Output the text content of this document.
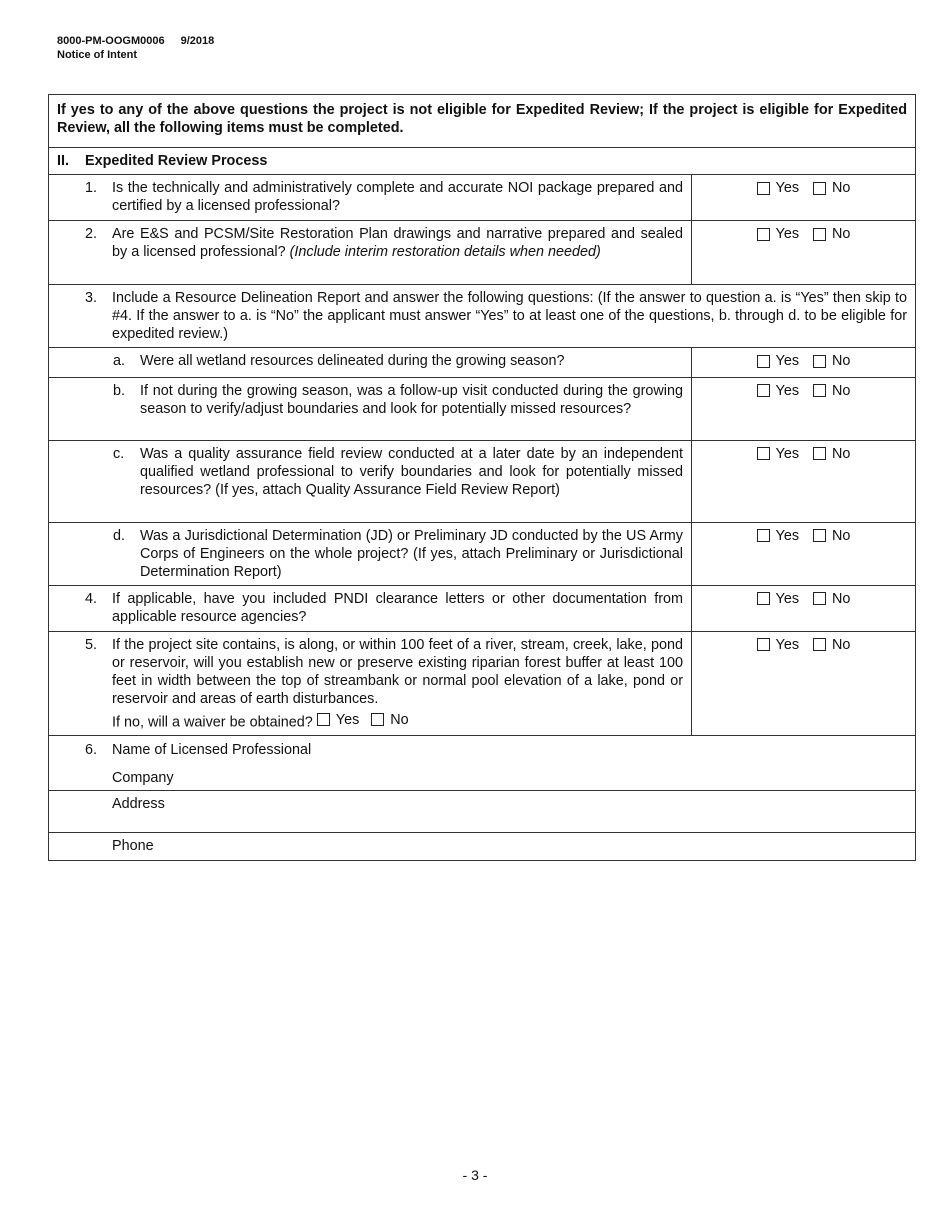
8000-PM-OOGM0006 9/2018
Notice of Intent
If yes to any of the above questions the project is not eligible for Expedited Review; If the project is eligible for Expedited Review, all the following items must be completed.	
II. Expedited Review Process	

1. Is the technically and administratively complete and accurate NOI package prepared and certified by a licensed professional?	Yes No

2. Are E&S and PCSM/Site Restoration Plan drawings and narrative prepared and sealed by a licensed professional? (Include interim restoration details when needed)	Yes No

3. Include a Resource Delineation Report and answer the following questions: (If the answer to question a. is “Yes” then skip to #4. If the answer to a. is “No” the applicant must answer “Yes” to at least one of the questions, b. through d. to be eligible for expedited review.)	

a. Were all wetland resources delineated during the growing season?	Yes No

b. If not during the growing season, was a follow-up visit conducted during the growing season to verify/adjust boundaries and look for potentially missed resources?	Yes No

c. Was a quality assurance field review conducted at a later date by an independent qualified wetland professional to verify boundaries and look for potentially missed resources? (If yes, attach Quality Assurance Field Review Report)	Yes No

d. Was a Jurisdictional Determination (JD) or Preliminary JD conducted by the US Army Corps of Engineers on the whole project? (If yes, attach Preliminary or Jurisdictional Determination Report)	Yes No

4. If applicable, have you included PNDI clearance letters or other documentation from applicable resource agencies?	Yes No

5. If the project site contains, is along, or within 100 feet of a river, stream, creek, lake, pond or reservoir, will you establish new or preserve existing riparian forest buffer at least 100 feet in width between the top of streambank or normal pool elevation of a lake, pond or reservoir and areas of earth disturbances.
If no, will a waiver be obtained? Yes No	Yes No

6. Name of Licensed Professional
Company	

Address	
Phone	
- 3 -
